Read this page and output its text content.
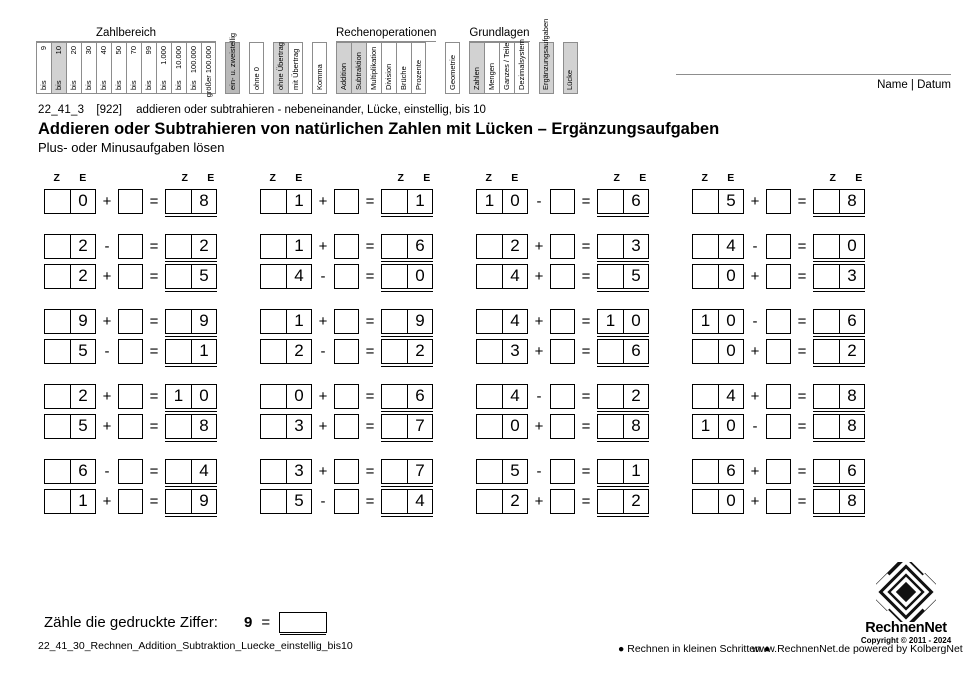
Zahlbereich
9
bis
10
bis
20
bis
30
bis
40
bis
50
bis
70
bis
99
bis
1.000
bis
10.000
bis
100.000
bis größer 100.000
ein- u. zweistellig
ohne 0
ohne Übertrag mit Übertrag
Komma
Rechenoperationen
Addition Subtraktion Multiplikation Division Brüche Prozente
	Geometrie
Grundlagen
Zahlen Mengen Ganzes / Teile Dezimalsystem
Ergänzungsaufgaben
Lücke	Name | Datum
22_41_3 [922] addieren oder subtrahieren - nebeneinander, Lücke, einstellig, bis 10
Addieren oder Subtrahieren von natürlichen Zahlen mit Lücken – Ergänzungsaufgaben
Plus- oder Minusaufgaben lösen
Z	E	Z	E
0 +	=	8
2	-	=	2
2 +	=	5
9 +	=	9
5	-	=	1
2 +	= 1 0
5 +	=	8
6	-	=	4
1 +	=	9
Z	E	Z	E
1 +	=	1
1 +	=	6
4	-	=	0
1 +	=	9
2	-	=	2
0 +	=	6
3 +	=	7
3 +	=	7
5	-	=	4
Z	E	Z	E
1 0	-	=	6
2 +	=	3
4 +	=	5
4 +	= 1 0
3 +	=	6
4	-	=	2
0 +	=	8
5	-	=	1
2 +	=	2
Z	E	Z	E
5 +	=	8
4	-	=	0
0 +	=	3
1 0	-	=	6
0 +	=	2
4 +	=	8
1 0	-	=	8
6 +	=	6
0 +	=	8
Zähle die gedruckte Ziffer: 9 =
22_41_30_Rechnen_Addition_Subtraktion_Luecke_einstellig_bis10	● Rechnen in kleinen Schritten ●
www.RechnenNet.de powered by KolbergNet
RechnenNet
Copyright © 2011 - 2024
